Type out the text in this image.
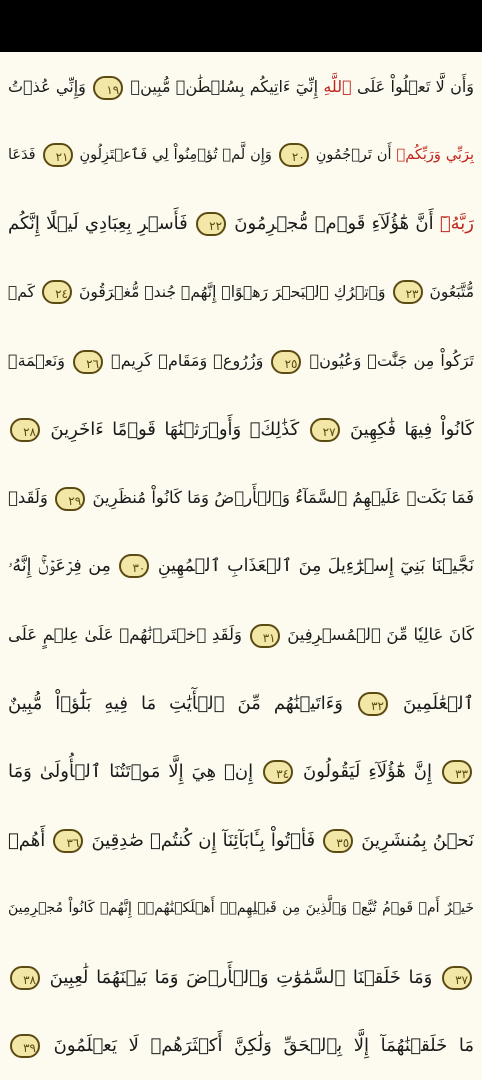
وَأَن لَّا تَعۡلُواْ عَلَى ٱللَّهِ إِنِّيٓ ءَاتِيكُم بِسُلۡطَٰنٖ مُّبِينٖ ١٩ وَإِنِّي عُذۡتُ
بِرَبِّي وَرَبِّكُمۡ أَن تَرۡجُمُونِ ٢٠ وَإِن لَّمۡ تُؤۡمِنُواْ لِي فَٱعۡتَزِلُونِ ٢١ فَدَعَا
رَبَّهُۥٓ أَنَّ هَٰٓؤُلَآءِ قَوۡمٞ مُّجۡرِمُونَ ٢٢ فَأَسۡرِ بِعِبَادِي لَيۡلًا إِنَّكُم
مُّتَّبَعُونَ ٢٣ وَٱتۡرُكِ ٱلۡبَحۡرَ رَهۡوًاۖ إِنَّهُمۡ جُندٞ مُّغۡرَقُونَ ٢٤ كَمۡ
تَرَكُواْ مِن جَنَّٰتٖ وَعُيُونٖ ٢٥ وَزُرُوعٖ وَمَقَامٖ كَرِيمٖ ٢٦ وَنَعۡمَةٖ
كَانُواْ فِيهَا فَٰكِهِينَ ٢٧ كَذَٰلِكَۖ وَأَوۡرَثۡنَٰهَا قَوۡمًا ءَاخَرِينَ ٢٨
فَمَا بَكَتۡ عَلَيۡهِمُ ٱلسَّمَآءُ وَٱلۡأَرۡضُ وَمَا كَانُواْ مُنظَرِينَ ٢٩ وَلَقَدۡ
نَجَّيۡنَا بَنِيٓ إِسۡرَٰٓءِيلَ مِنَ ٱلۡعَذَابِ ٱلۡمُهِينِ ٣٠ مِن فِرۡعَوۡنَۚ إِنَّهُۥ
كَانَ عَالِيٗا مِّنَ ٱلۡمُسۡرِفِينَ ٣١ وَلَقَدِ ٱخۡتَرۡنَٰهُمۡ عَلَىٰ عِلۡمٍ عَلَى
ٱلۡعَٰلَمِينَ ٣٢ وَءَاتَيۡنَٰهُم مِّنَ ٱلۡأٓيَٰتِ مَا فِيهِ بَلَٰٓؤٞاْ مُّبِينٌ
٣٣ إِنَّ هَٰٓؤُلَآءِ لَيَقُولُونَ ٣٤ إِنۡ هِيَ إِلَّا مَوۡتَتُنَا ٱلۡأُولَىٰ وَمَا
نَحۡنُ بِمُنشَرِينَ ٣٥ فَأۡتُواْ بِـَٔابَآئِنَآ إِن كُنتُمۡ صَٰدِقِينَ ٣٦ أَهُمۡ
خَيۡرٌ أَمۡ قَوۡمُ تُبَّعٖ وَٱلَّذِينَ مِن قَبۡلِهِمۡۚ أَهۡلَكۡنَٰهُمۡۖ إِنَّهُمۡ كَانُواْ مُجۡرِمِينَ
٣٧ وَمَا خَلَقۡنَا ٱلسَّمَٰوَٰتِ وَٱلۡأَرۡضَ وَمَا بَيۡنَهُمَا لَٰعِبِينَ ٣٨
مَا خَلَقۡنَٰهُمَآ إِلَّا بِٱلۡحَقِّ وَلَٰكِنَّ أَكۡثَرَهُمۡ لَا يَعۡلَمُونَ ٣٩
